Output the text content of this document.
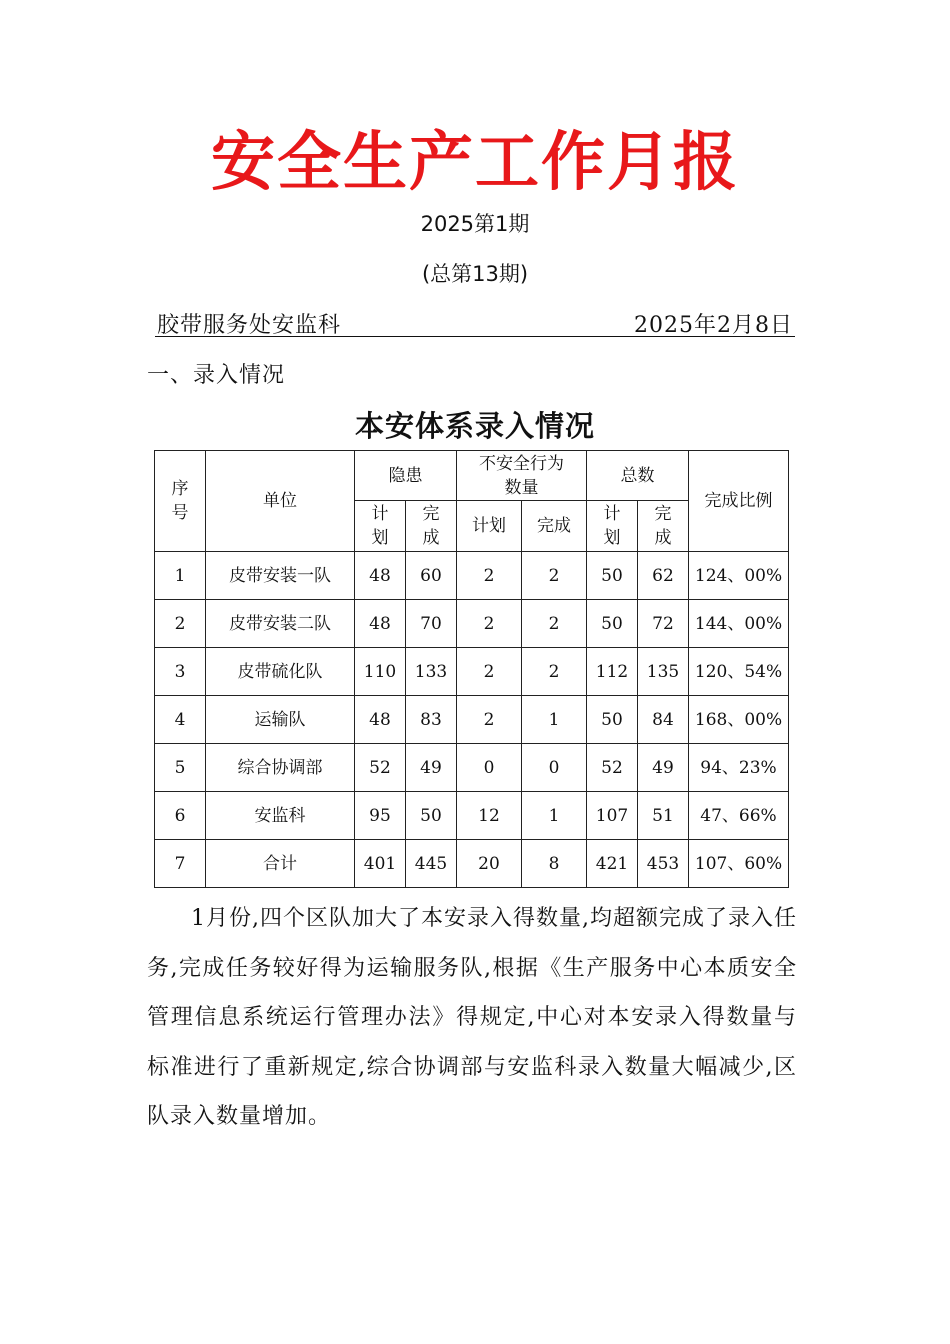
安全生产工作月报
2025第1期
(总第13期)
胶带服务处安监科	2025年2月8日
一、录入情况
本安体系录入情况
序号	单位	隐患		不安全行为数量		总数		完成比例
		计划	完成	计划	完成	计划	完成	
1	皮带安装一队	48	60	2	2	50	62	124、00%
2	皮带安装二队	48	70	2	2	50	72	144、00%
3	皮带硫化队	110	133	2	2	112	135	120、54%
4	运输队	48	83	2	1	50	84	168、00%
5	综合协调部	52	49	0	0	52	49	94、23%
6	安监科	95	50	12	1	107	51	47、66%
7	合计	401	445	20	8	421	453	107、60%
1月份,四个区队加大了本安录入得数量,均超额完成了录入任务,完成任务较好得为运输服务队,根据《生产服务中心本质安全管理信息系统运行管理办法》得规定,中心对本安录入得数量与标准进行了重新规定,综合协调部与安监科录入数量大幅减少,区队录入数量增加。
